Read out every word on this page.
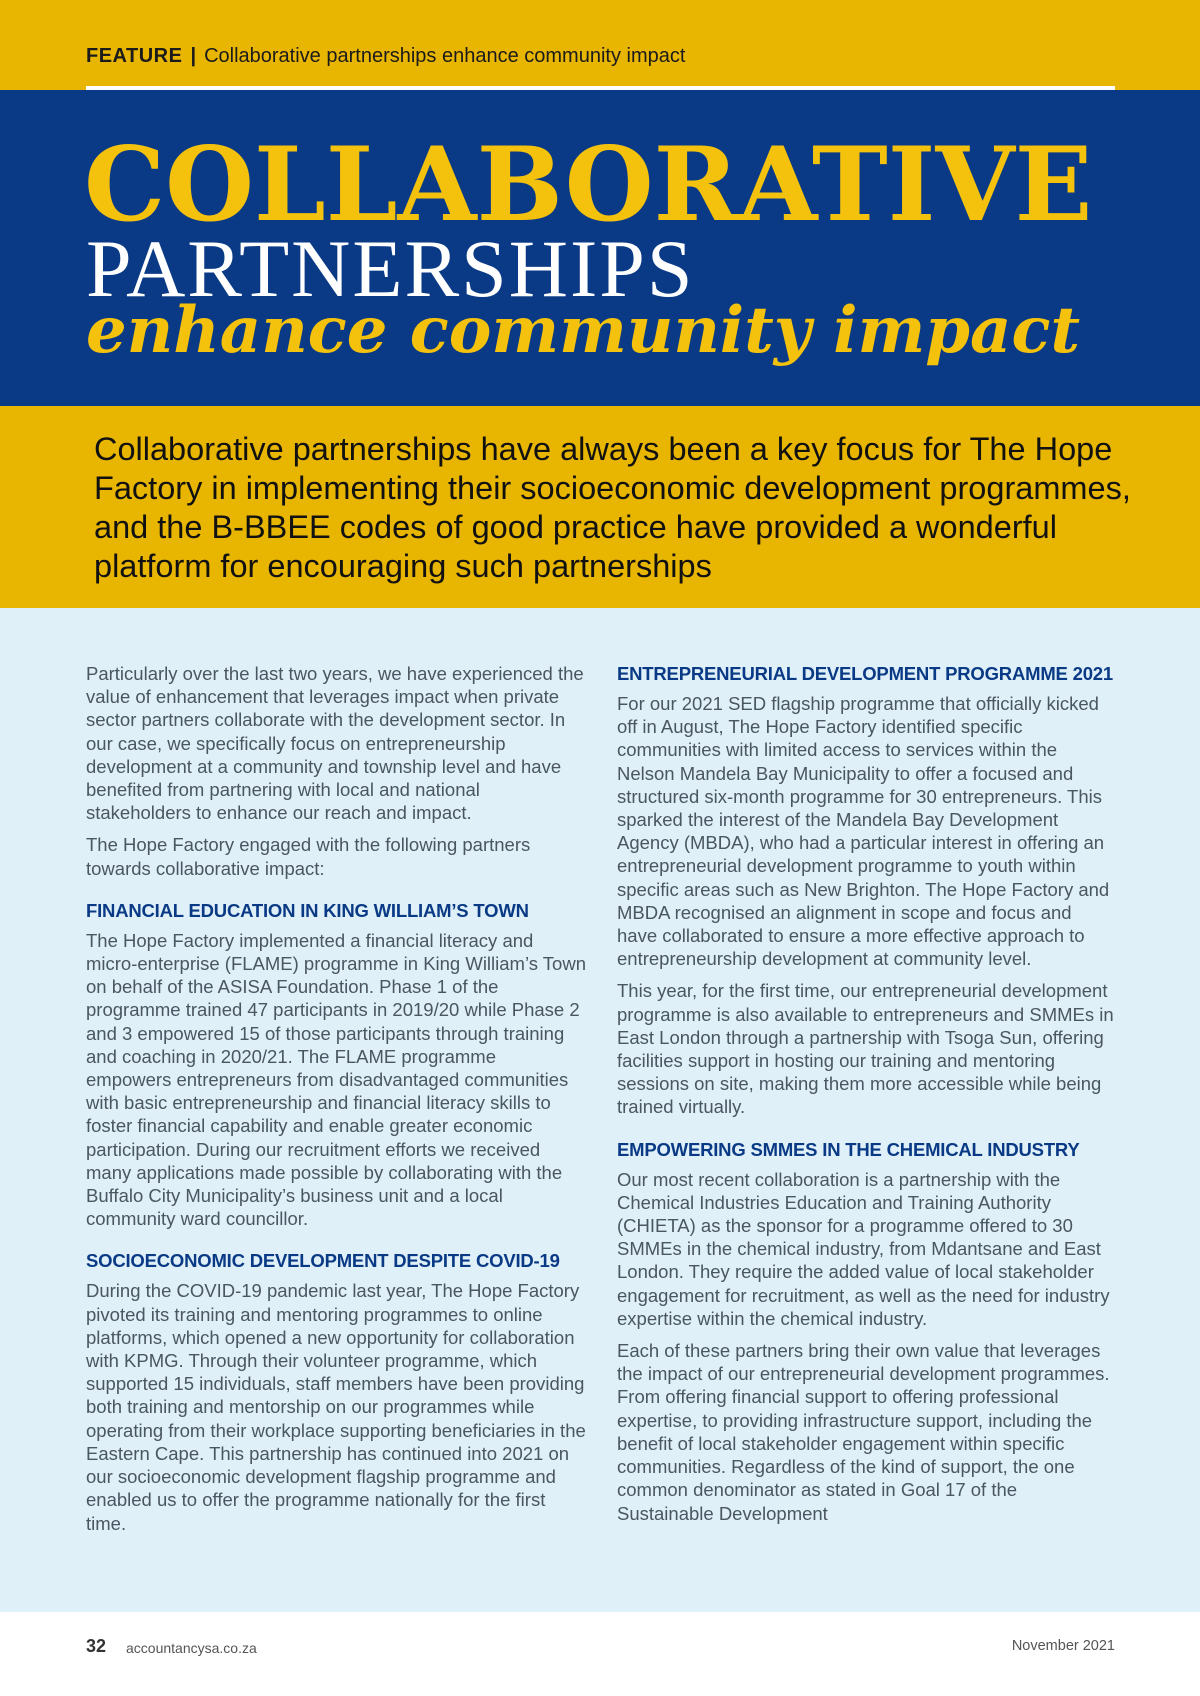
FEATURE | Collaborative partnerships enhance community impact
COLLABORATIVE
PARTNERSHIPS
enhance community impact

Collaborative partnerships have always been a key focus for The Hope Factory in implementing their socioeconomic development programmes, and the B-BBEE codes of good practice have provided a wonderful platform for encouraging such partnerships

Particularly over the last two years, we have experienced the value of enhancement that leverages impact when private sector partners collaborate with the development sector. In our case, we specifically focus on entrepreneurship development at a community and township level and have benefited from partnering with local and national stakeholders to enhance our reach and impact.

The Hope Factory engaged with the following partners towards collaborative impact:

FINANCIAL EDUCATION IN KING WILLIAM’S TOWN

The Hope Factory implemented a financial literacy and micro-enterprise (FLAME) programme in King William’s Town on behalf of the ASISA Foundation. Phase 1 of the programme trained 47 participants in 2019/20 while Phase 2 and 3 empowered 15 of those participants through training and coaching in 2020/21. The FLAME programme empowers entrepreneurs from disadvantaged communities with basic entrepreneurship and financial literacy skills to foster financial capability and enable greater economic participation. During our recruitment efforts we received many applications made possible by collaborating with the Buffalo City Municipality’s business unit and a local community ward councillor.

SOCIOECONOMIC DEVELOPMENT DESPITE COVID-19

During the COVID-19 pandemic last year, The Hope Factory pivoted its training and mentoring programmes to online platforms, which opened a new opportunity for collaboration with KPMG. Through their volunteer programme, which supported 15 individuals, staff members have been providing both training and mentorship on our programmes while operating from their workplace supporting beneficiaries in the Eastern Cape. This partnership has continued into 2021 on our socioeconomic development flagship programme and enabled us to offer the programme nationally for the first time.

ENTREPRENEURIAL DEVELOPMENT PROGRAMME 2021

For our 2021 SED flagship programme that officially kicked off in August, The Hope Factory identified specific communities with limited access to services within the Nelson Mandela Bay Municipality to offer a focused and structured six-month programme for 30 entrepreneurs. This sparked the interest of the Mandela Bay Development Agency (MBDA), who had a particular interest in offering an entrepreneurial development programme to youth within specific areas such as New Brighton. The Hope Factory and MBDA recognised an alignment in scope and focus and have collaborated to ensure a more effective approach to entrepreneurship development at community level.

This year, for the first time, our entrepreneurial development programme is also available to entrepreneurs and SMMEs in East London through a partnership with Tsoga Sun, offering facilities support in hosting our training and mentoring sessions on site, making them more accessible while being trained virtually.

EMPOWERING SMMES IN THE CHEMICAL INDUSTRY

Our most recent collaboration is a partnership with the Chemical Industries Education and Training Authority (CHIETA) as the sponsor for a programme offered to 30 SMMEs in the chemical industry, from Mdantsane and East London. They require the added value of local stakeholder engagement for recruitment, as well as the need for industry expertise within the chemical industry.

Each of these partners bring their own value that leverages the impact of our entrepreneurial development programmes. From offering financial support to offering professional expertise, to providing infrastructure support, including the benefit of local stakeholder engagement within specific communities. Regardless of the kind of support, the one common denominator as stated in Goal 17 of the Sustainable Development

32 accountancysa.co.za	November 2021
